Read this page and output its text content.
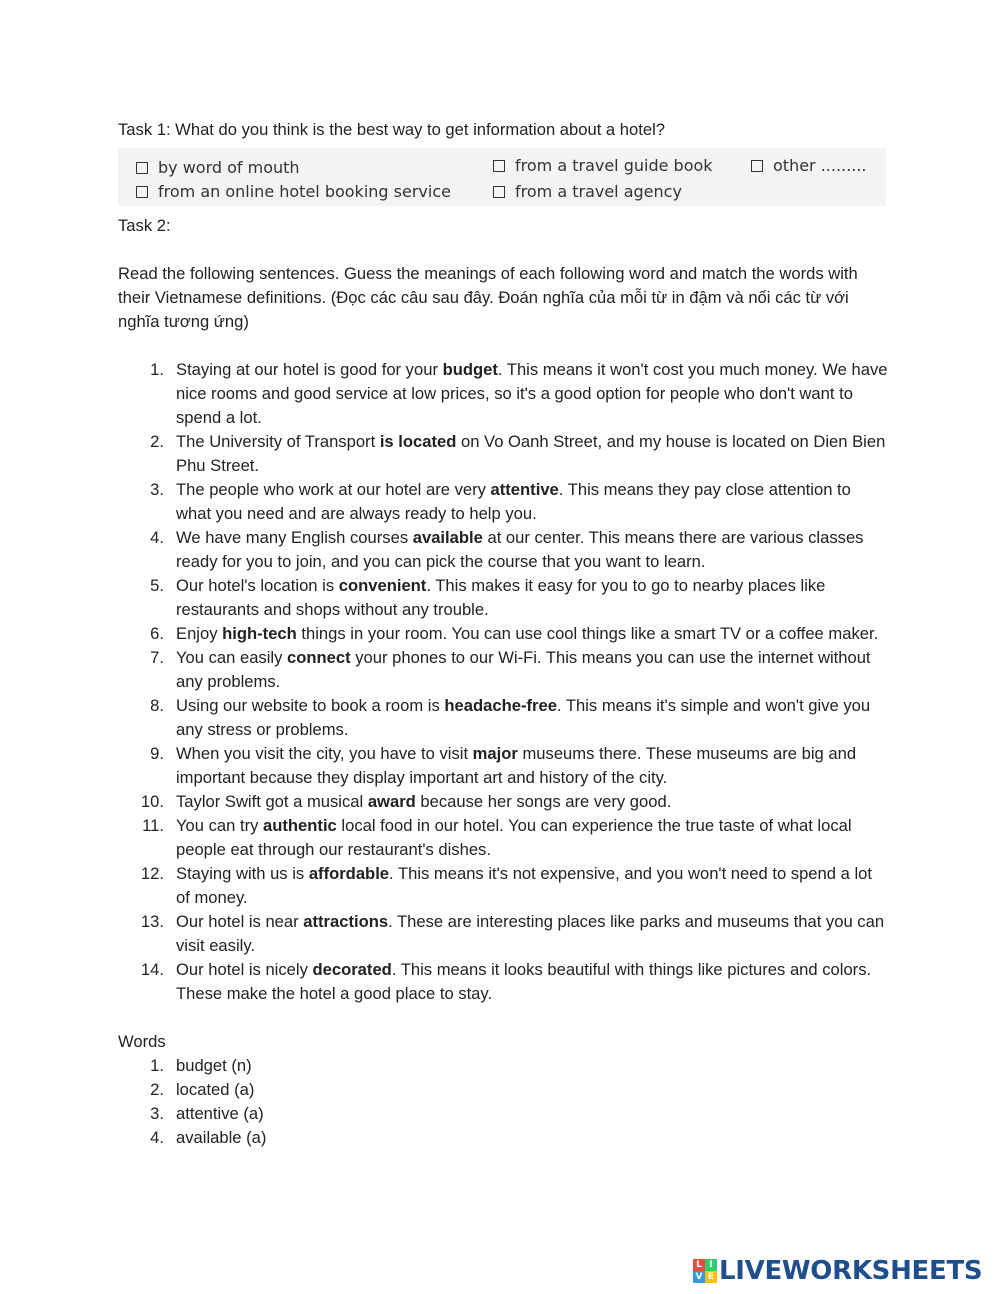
Task 1: What do you think is the best way to get information about a hotel?

by word of mouth	from a travel guide book	other .........
from an online hotel booking service	from a travel agency

Task 2:

Read the following sentences. Guess the meanings of each following word and match the words with their Vietnamese definitions. (Đọc các câu sau đây. Đoán nghĩa của mỗi từ in đậm và nối các từ với nghĩa tương ứng)

1. Staying at our hotel is good for your budget. This means it won't cost you much money. We have nice rooms and good service at low prices, so it's a good option for people who don't want to spend a lot.
2. The University of Transport is located on Vo Oanh Street, and my house is located on Dien Bien Phu Street.
3. The people who work at our hotel are very attentive. This means they pay close attention to what you need and are always ready to help you.
4. We have many English courses available at our center. This means there are various classes ready for you to join, and you can pick the course that you want to learn.
5. Our hotel's location is convenient. This makes it easy for you to go to nearby places like restaurants and shops without any trouble.
6. Enjoy high-tech things in your room. You can use cool things like a smart TV or a coffee maker.
7. You can easily connect your phones to our Wi-Fi. This means you can use the internet without any problems.
8. Using our website to book a room is headache-free. This means it's simple and won't give you any stress or problems.
9. When you visit the city, you have to visit major museums there. These museums are big and important because they display important art and history of the city.
10. Taylor Swift got a musical award because her songs are very good.
11. You can try authentic local food in our hotel. You can experience the true taste of what local people eat through our restaurant's dishes.
12. Staying with us is affordable. This means it's not expensive, and you won't need to spend a lot of money.
13. Our hotel is near attractions. These are interesting places like parks and museums that you can visit easily.
14. Our hotel is nicely decorated. This means it looks beautiful with things like pictures and colors. These make the hotel a good place to stay.

Words

1. budget (n)
2. located (a)
3. attentive (a)
4. available (a)
L I
V E LIVEWORKSHEETS
